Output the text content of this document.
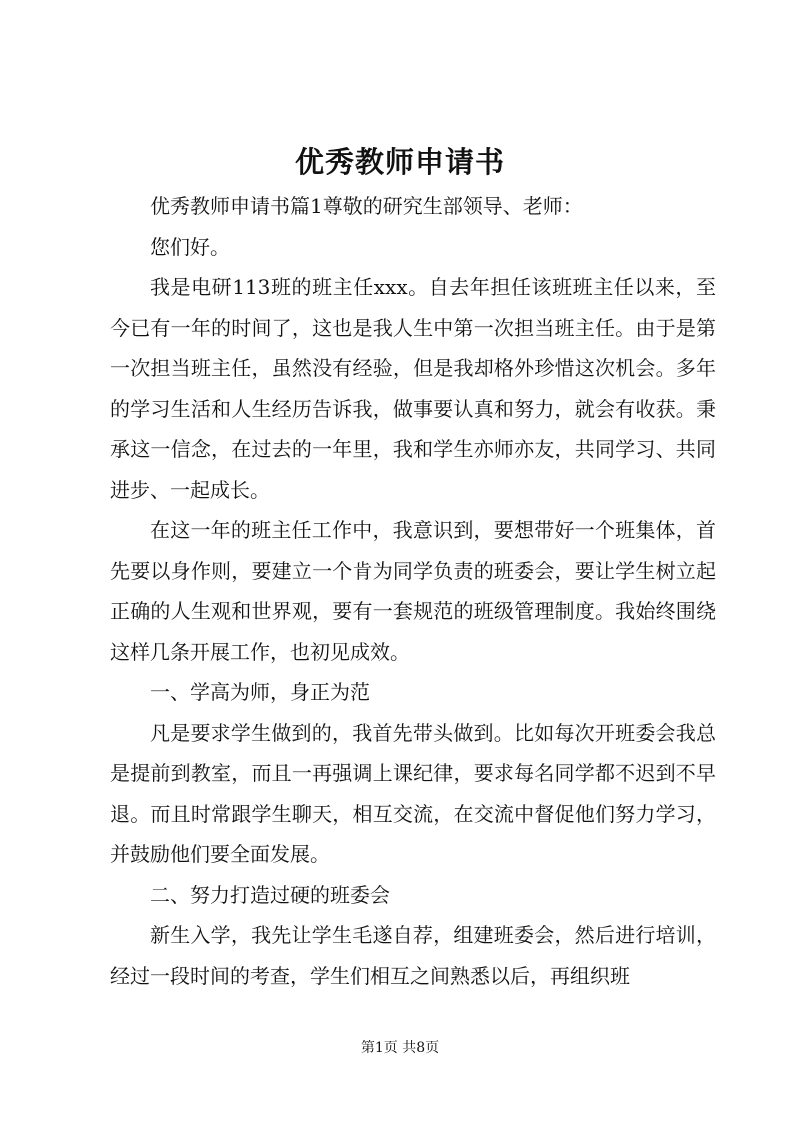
优秀教师申请书

优秀教师申请书篇1尊敬的研究生部领导、老师：

您们好。

我是电研113班的班主任xxx。自去年担任该班班主任以来，至今已有一年的时间了，这也是我人生中第一次担当班主任。由于是第一次担当班主任，虽然没有经验，但是我却格外珍惜这次机会。多年的学习生活和人生经历告诉我，做事要认真和努力，就会有收获。秉承这一信念，在过去的一年里，我和学生亦师亦友，共同学习、共同进步、一起成长。

在这一年的班主任工作中，我意识到，要想带好一个班集体，首先要以身作则，要建立一个肯为同学负责的班委会，要让学生树立起正确的人生观和世界观，要有一套规范的班级管理制度。我始终围绕这样几条开展工作，也初见成效。

一、学高为师，身正为范

凡是要求学生做到的，我首先带头做到。比如每次开班委会我总是提前到教室，而且一再强调上课纪律，要求每名同学都不迟到不早退。而且时常跟学生聊天，相互交流，在交流中督促他们努力学习，并鼓励他们要全面发展。

二、努力打造过硬的班委会

新生入学，我先让学生毛遂自荐，组建班委会，然后进行培训，经过一段时间的考查，学生们相互之间熟悉以后，再组织班

第1页 共8页
